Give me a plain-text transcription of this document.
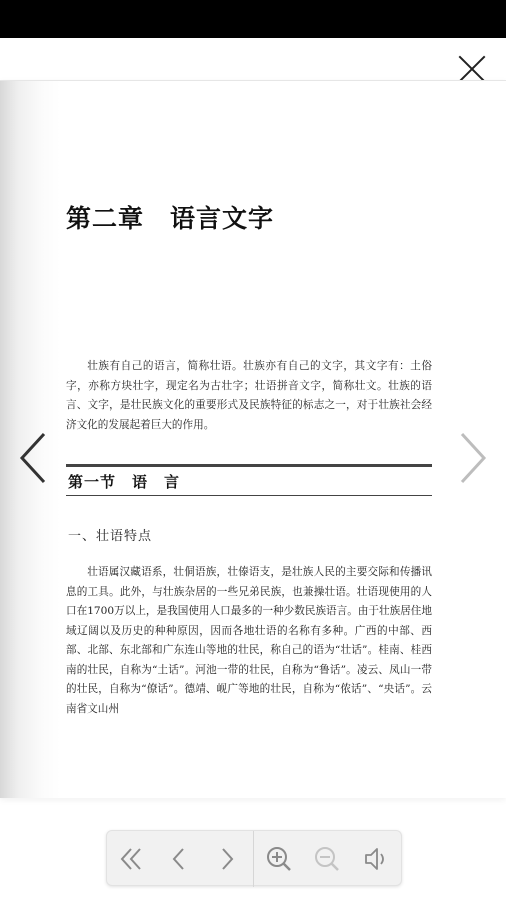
第二章　语言文字

壮族有自己的语言，简称壮语。壮族亦有自己的文字，其文字有：土俗字，亦称方块壮字，现定名为古壮字；壮语拼音文字，简称壮文。壮族的语言、文字，是壮民族文化的重要形式及民族特征的标志之一，对于壮族社会经济文化的发展起着巨大的作用。

第一节　语　言
一、壮语特点

壮语属汉藏语系，壮侗语族，壮傣语支，是壮族人民的主要交际和传播讯息的工具。此外，与壮族杂居的一些兄弟民族，也兼操壮语。壮语现使用的人口在1700万以上，是我国使用人口最多的一种少数民族语言。由于壮族居住地域辽阔以及历史的种种原因，因而各地壮语的名称有多种。广西的中部、西部、北部、东北部和广东连山等地的壮民，称自己的语为“壮话”。桂南、桂西南的壮民，自称为“土话”。河池一带的壮民，自称为“鲁话”。凌云、凤山一带的壮民，自称为“僚话”。德靖、岘广等地的壮民，自称为“侬话”、“央话”。云南省文山州
